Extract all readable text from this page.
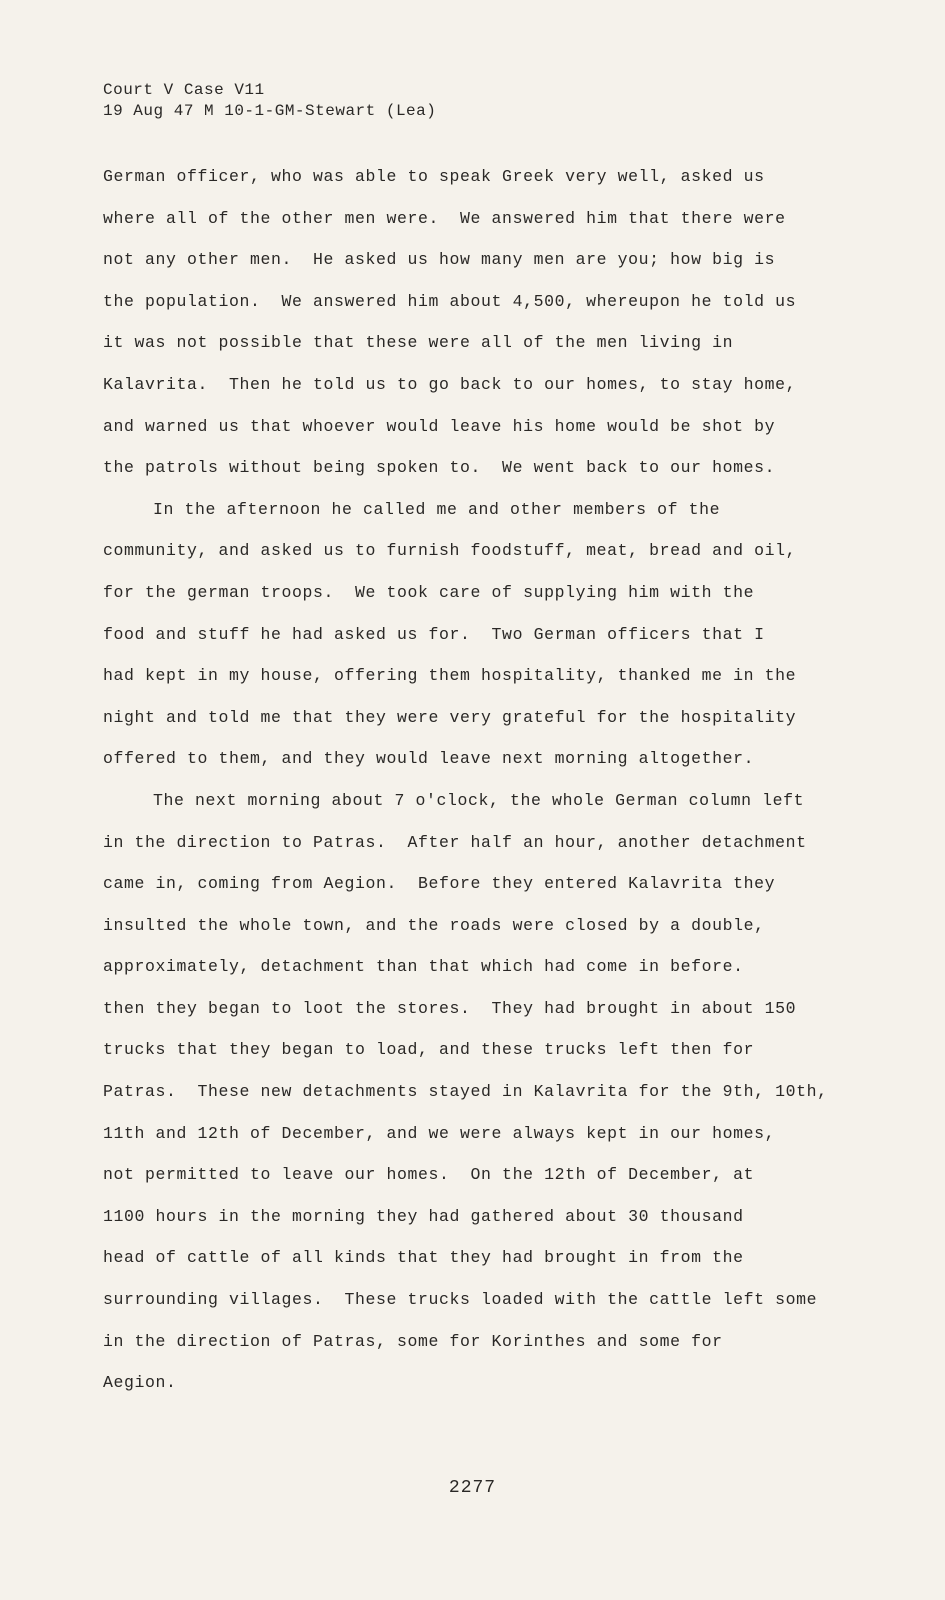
Court V Case V11
19 Aug 47 M 10-1-GM-Stewart (Lea)
German officer, who was able to speak Greek very well, asked us
where all of the other men were.  We answered him that there were
not any other men.  He asked us how many men are you; how big is
the population.  We answered him about 4,500, whereupon he told us
it was not possible that these were all of the men living in
Kalavrita.  Then he told us to go back to our homes, to stay home,
and warned us that whoever would leave his home would be shot by
the patrols without being spoken to.  We went back to our homes.
In the afternoon he called me and other members of the
community, and asked us to furnish foodstuff, meat, bread and oil,
for the german troops.  We took care of supplying him with the
food and stuff he had asked us for.  Two German officers that I
had kept in my house, offering them hospitality, thanked me in the
night and told me that they were very grateful for the hospitality
offered to them, and they would leave next morning altogether.
The next morning about 7 o'clock, the whole German column left
in the direction to Patras.  After half an hour, another detachment
came in, coming from Aegion.  Before they entered Kalavrita they
insulted the whole town, and the roads were closed by a double,
approximately, detachment than that which had come in before.
then they began to loot the stores.  They had brought in about 150
trucks that they began to load, and these trucks left then for
Patras.  These new detachments stayed in Kalavrita for the 9th, 10th,
11th and 12th of December, and we were always kept in our homes,
not permitted to leave our homes.  On the 12th of December, at
1100 hours in the morning they had gathered about 30 thousand
head of cattle of all kinds that they had brought in from the
surrounding villages.  These trucks loaded with the cattle left some
in the direction of Patras, some for Korinthes and some for
Aegion.
2277
